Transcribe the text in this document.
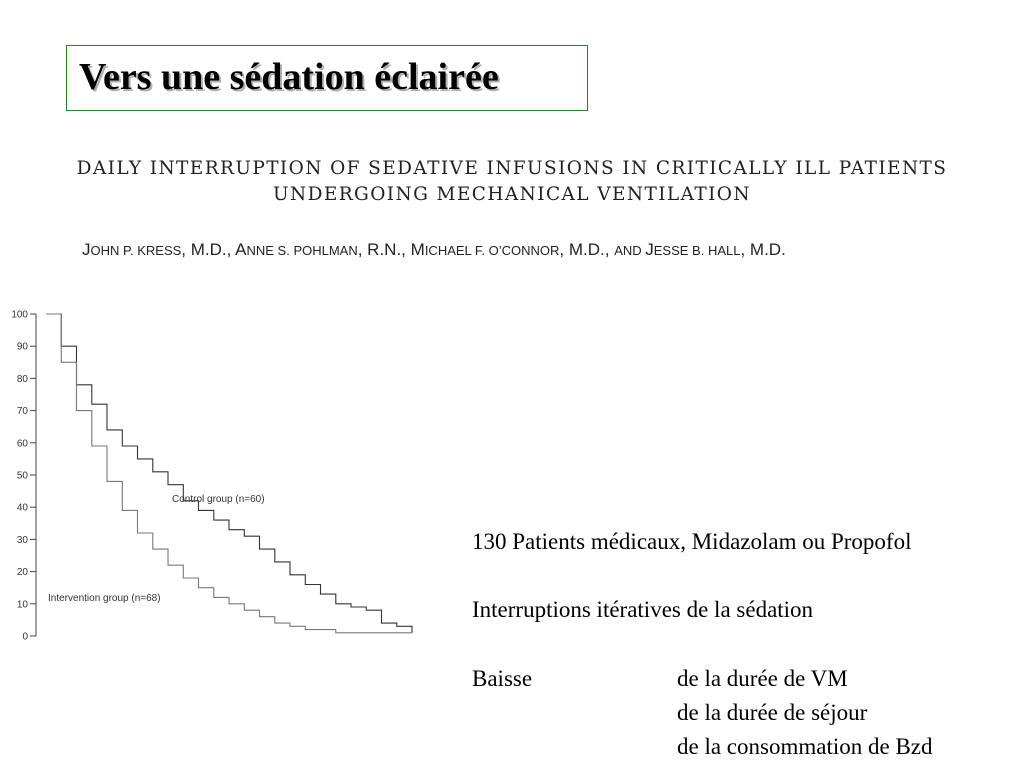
Vers une sédation éclairée
DAILY INTERRUPTION OF SEDATIVE INFUSIONS IN CRITICALLY ILL PATIENTS
UNDERGOING MECHANICAL VENTILATION
JOHN P. KRESS, M.D., ANNE S. POHLMAN, R.N., MICHAEL F. O’CONNOR, M.D., AND JESSE B. HALL, M.D.
0
10
20
30
40
50
60
70
80
90
100
Control group (n=60)
Intervention group (n=68)
130 Patients médicaux, Midazolam ou Propofol
Interruptions itératives de la sédation
Baisse	de la durée de VM
de la durée de séjour
de la consommation de Bzd
